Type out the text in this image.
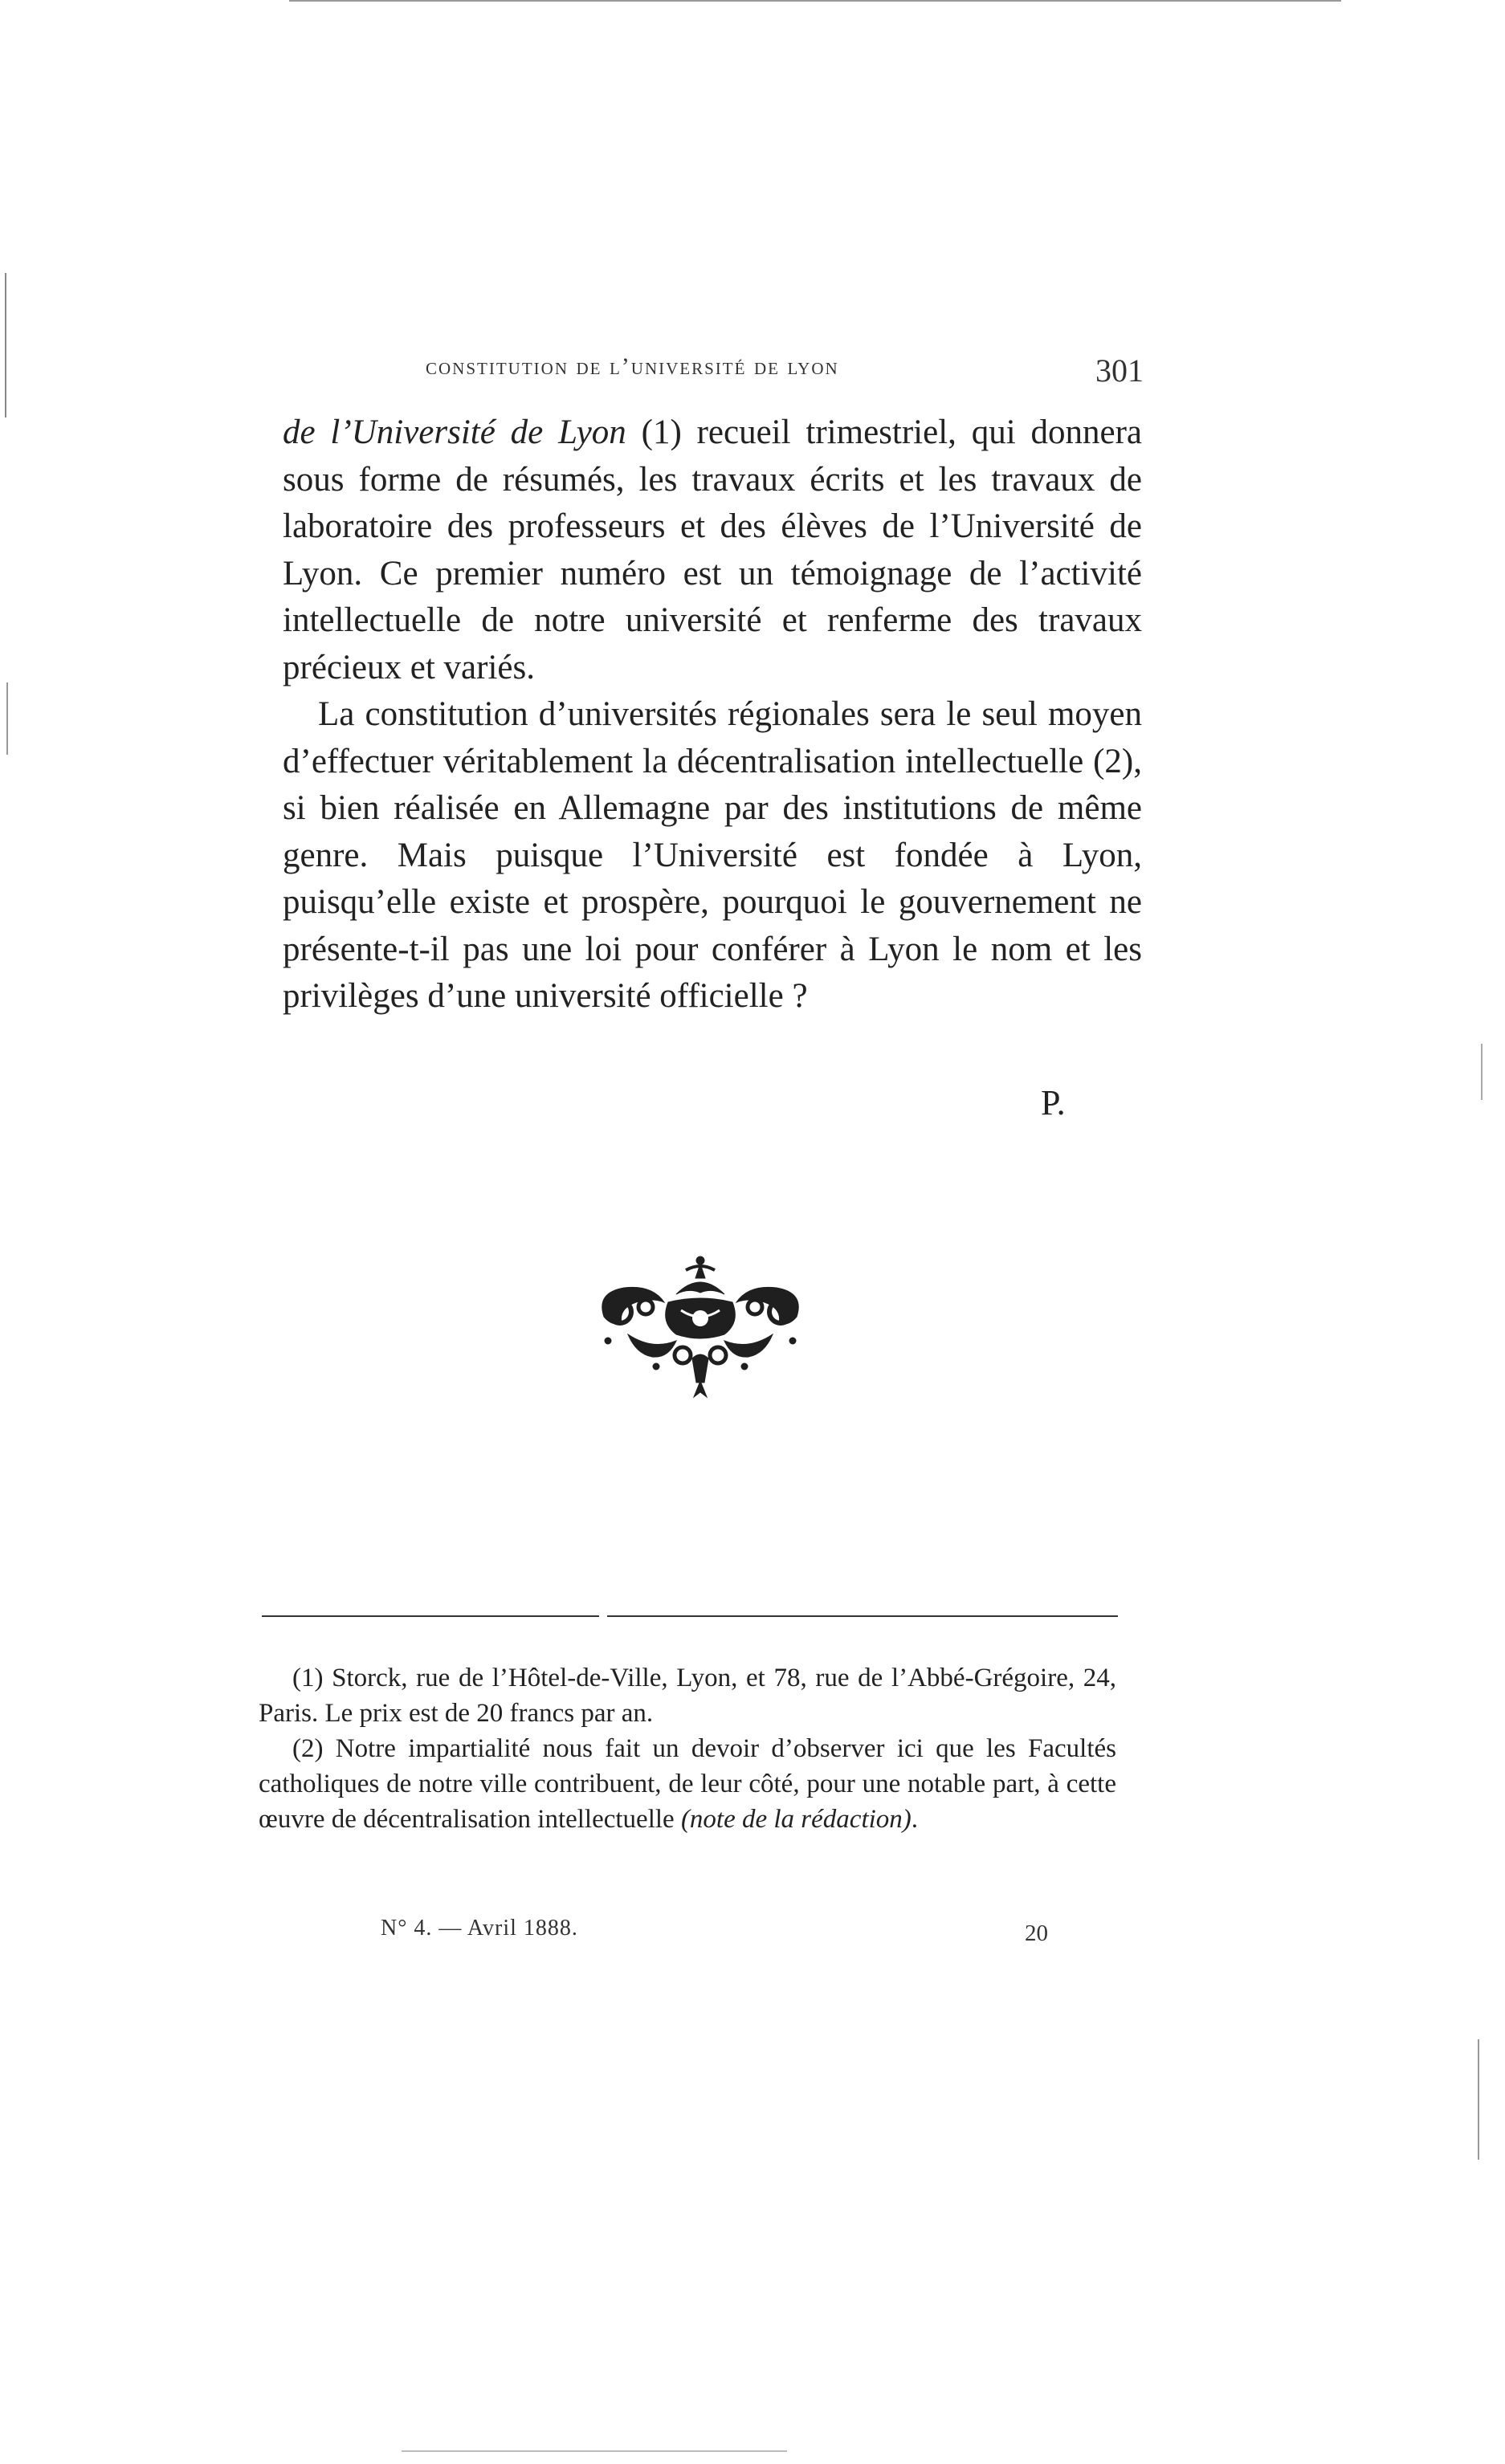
constitution de l’université de lyon	301

de l’Université de Lyon (1) recueil trimestriel, qui donnera sous forme de résumés, les travaux écrits et les travaux de laboratoire des professeurs et des élèves de l’Université de Lyon. Ce premier numéro est un témoignage de l’activité intellectuelle de notre université et renferme des travaux précieux et variés.

La constitution d’universités régionales sera le seul moyen d’effectuer véritablement la décentralisation intellectuelle (2), si bien réalisée en Allemagne par des institutions de même genre. Mais puisque l’Université est fondée à Lyon, puisqu’elle existe et prospère, pourquoi le gouvernement ne présente-t-il pas une loi pour conférer à Lyon le nom et les privilèges d’une université officielle ?

P.

(1) Storck, rue de l’Hôtel-de-Ville, Lyon, et 78, rue de l’Abbé-Grégoire, 24, Paris. Le prix est de 20 francs par an.

(2) Notre impartialité nous fait un devoir d’observer ici que les Facultés catholiques de notre ville contribuent, de leur côté, pour une notable part, à cette œuvre de décentralisation intellectuelle (note de la rédaction).

N° 4. — Avril 1888.	20
